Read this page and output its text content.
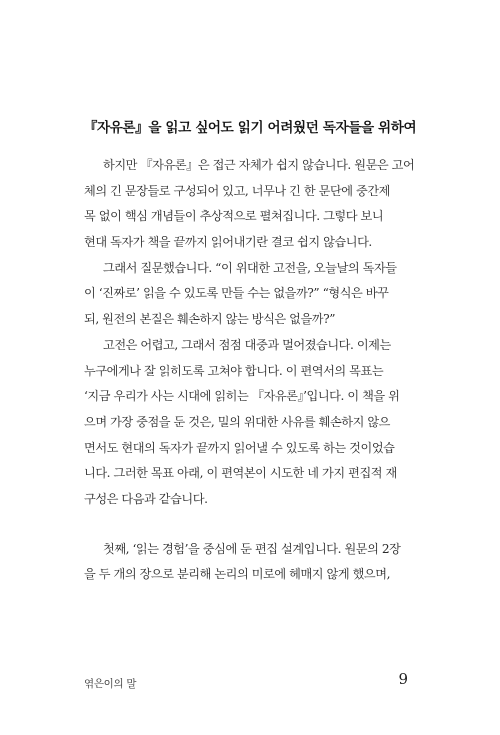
『자유론』을 읽고 싶어도 읽기 어려웠던 독자들을 위하여
하지만 『자유론』은 접근 자체가 쉽지 않습니다. 원문은 고어
체의 긴 문장들로 구성되어 있고, 너무나 긴 한 문단에 중간제
목 없이 핵심 개념들이 추상적으로 펼쳐집니다. 그렇다 보니
현대 독자가 책을 끝까지 읽어내기란 결코 쉽지 않습니다.
그래서 질문했습니다. “이 위대한 고전을, 오늘날의 독자들
이 ‘진짜로’ 읽을 수 있도록 만들 수는 없을까?” “형식은 바꾸
되, 원전의 본질은 훼손하지 않는 방식은 없을까?”
고전은 어렵고, 그래서 점점 대중과 멀어졌습니다. 이제는
누구에게나 잘 읽히도록 고쳐야 합니다. 이 편역서의 목표는
‘지금 우리가 사는 시대에 읽히는 『자유론』’입니다. 이 책을 위
으며 가장 중점을 둔 것은, 밀의 위대한 사유를 훼손하지 않으
면서도 현대의 독자가 끝까지 읽어낼 수 있도록 하는 것이었습
니다. 그러한 목표 아래, 이 편역본이 시도한 네 가지 편집적 재
구성은 다음과 같습니다.
첫째, ‘읽는 경험’을 중심에 둔 편집 설계입니다. 원문의 2장
을 두 개의 장으로 분리해 논리의 미로에 헤매지 않게 했으며,
엮은이의 말	9
